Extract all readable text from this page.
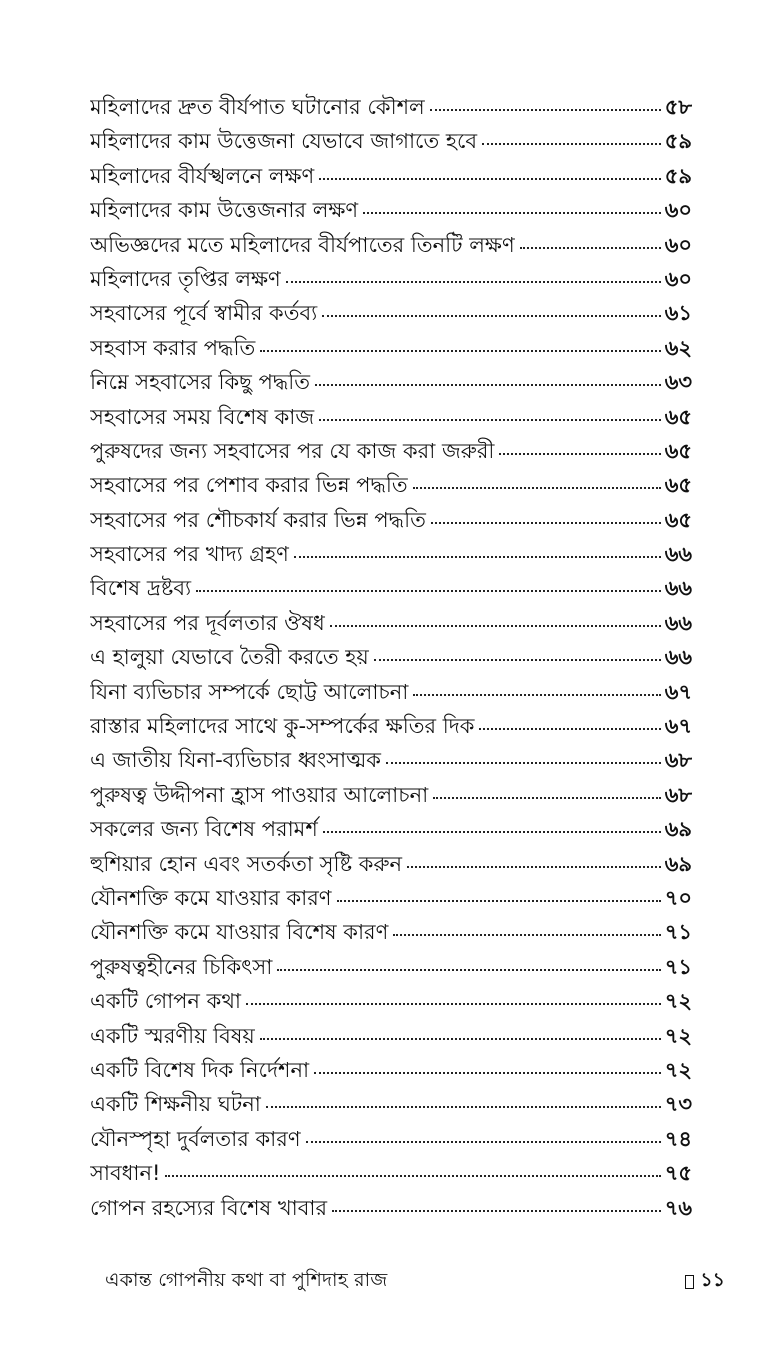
মহিলাদের দ্রুত বীর্যপাত ঘটানোর কৌশল	৫৮
মহিলাদের কাম উত্তেজনা যেভাবে জাগাতে হবে	৫৯
মহিলাদের বীর্যস্খলনে লক্ষণ	৫৯
মহিলাদের কাম উত্তেজনার লক্ষণ	৬০
অভিজ্ঞদের মতে মহিলাদের বীর্যপাতের তিনটি লক্ষণ	৬০
মহিলাদের তৃপ্তির লক্ষণ	৬০
সহবাসের পূর্বে স্বামীর কর্তব্য	৬১
সহবাস করার পদ্ধতি	৬২
নিম্নে সহবাসের কিছু পদ্ধতি	৬৩
সহবাসের সময় বিশেষ কাজ	৬৫
পুরুষদের জন্য সহবাসের পর যে কাজ করা জরুরী	৬৫
সহবাসের পর পেশাব করার ভিন্ন পদ্ধতি	৬৫
সহবাসের পর শৌচকার্য করার ভিন্ন পদ্ধতি	৬৫
সহবাসের পর খাদ্য গ্রহণ	৬৬
বিশেষ দ্রষ্টব্য	৬৬
সহবাসের পর দূর্বলতার ঔষধ	৬৬
এ হালুয়া যেভাবে তৈরী করতে হয়	৬৬
যিনা ব্যভিচার সম্পর্কে ছোট্ট আলোচনা	৬৭
রাস্তার মহিলাদের সাথে কু-সম্পর্কের ক্ষতির দিক	৬৭
এ জাতীয় যিনা-ব্যভিচার ধ্বংসাত্মক	৬৮
পুরুষত্ব উদ্দীপনা হ্রাস পাওয়ার আলোচনা	৬৮
সকলের জন্য বিশেষ পরামর্শ	৬৯
হুশিয়ার হোন এবং সতর্কতা সৃষ্টি করুন	৬৯
যৌনশক্তি কমে যাওয়ার কারণ	৭০
যৌনশক্তি কমে যাওয়ার বিশেষ কারণ	৭১
পুরুষত্বহীনের চিকিৎসা	৭১
একটি গোপন কথা	৭২
একটি স্মরণীয় বিষয়	৭২
একটি বিশেষ দিক নির্দেশনা	৭২
একটি শিক্ষনীয় ঘটনা	৭৩
যৌনস্পৃহা দুর্বলতার কারণ	৭৪
সাবধান!	৭৫
গোপন রহস্যের বিশেষ খাবার	৭৬
একান্ত গোপনীয় কথা বা পুশিদাহ রাজ	১১
